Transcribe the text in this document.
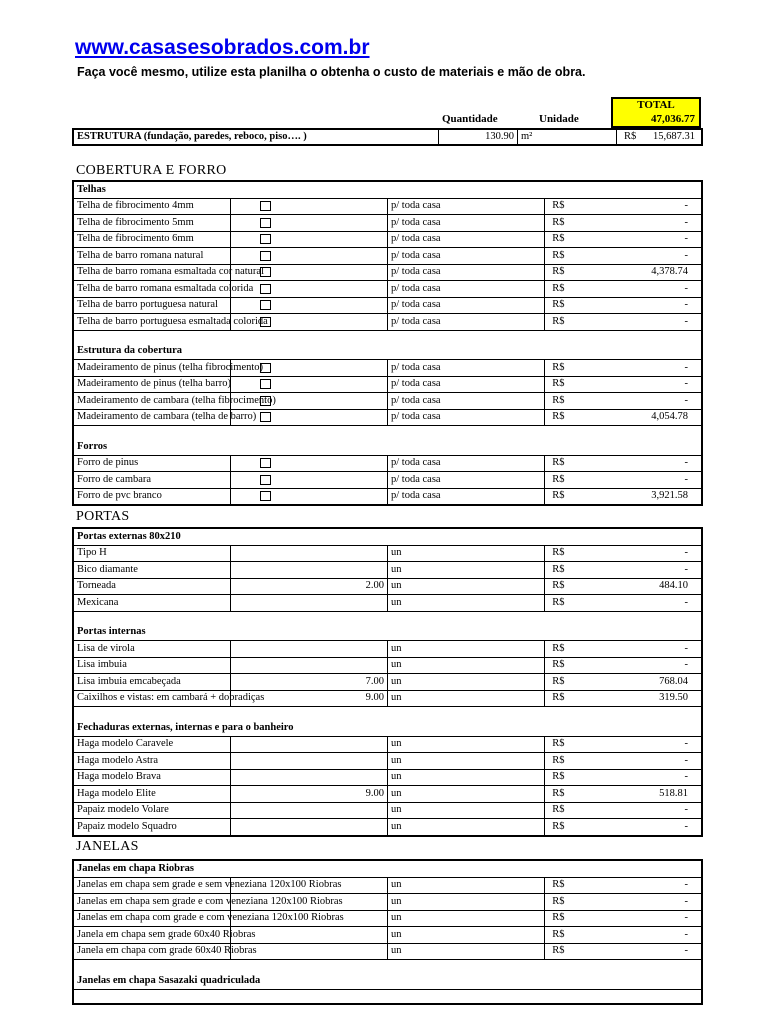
www.casasesobrados.com.br
Faça você mesmo, utilize esta planilha o obtenha o custo de materiais e mão de obra.
TOTAL
47,036.77
Quantidade	Unidade
ESTRUTURA (fundação, paredes, reboco, piso…. )	130.90	m²	R$ 15,687.31
COBERTURA E FORRO
Telhas			
Telha de fibrocimento 4mm		p/ toda casa	R$ -

Telha de fibrocimento 5mm		p/ toda casa	R$ -

Telha de fibrocimento 6mm		p/ toda casa	R$ -

Telha de barro romana natural		p/ toda casa	R$ -

Telha de barro romana esmaltada cor natural		p/ toda casa	R$ 4,378.74

Telha de barro romana esmaltada colorida		p/ toda casa	R$ -

Telha de barro portuguesa natural		p/ toda casa	R$ -

Telha de barro portuguesa esmaltada colorida		p/ toda casa	R$ -

Estrutura da cobertura			
Madeiramento de pinus (telha fibrocimento)		p/ toda casa	R$ -

Madeiramento de pinus (telha barro)		p/ toda casa	R$ -

Madeiramento de cambara (telha fibrocimento)		p/ toda casa	R$ -

Madeiramento de cambara (telha de barro)		p/ toda casa	R$ 4,054.78

Forros			
Forro de pinus		p/ toda casa	R$ -

Forro de cambara		p/ toda casa	R$ -

Forro de pvc branco		p/ toda casa	R$ 3,921.58
PORTAS
Portas externas 80x210			
Tipo H		un	R$ -

Bico diamante		un	R$ -

Torneada	2.00	un	R$ 484.10

Mexicana		un	R$ -

Portas internas			
Lisa de virola		un	R$ -

Lisa imbuia		un	R$ -

Lisa imbuia emcabeçada	7.00	un	R$ 768.04

Caixilhos e vistas: em cambará + dobradiças	9.00	un	R$ 319.50

Fechaduras externas, internas e para o banheiro			
Haga modelo Caravele		un	R$ -

Haga modelo Astra		un	R$ -

Haga modelo Brava		un	R$ -

Haga modelo Elite	9.00	un	R$ 518.81

Papaiz modelo Volare		un	R$ -

Papaiz modelo Squadro		un	R$ -
JANELAS
Janelas em chapa Riobras			
Janelas em chapa sem grade e sem veneziana 120x100 Riobras		un	R$ -

Janelas em chapa sem grade e com veneziana 120x100 Riobras		un	R$ -

Janelas em chapa com grade e com veneziana 120x100 Riobras		un	R$ -

Janela em chapa sem grade 60x40 Riobras		un	R$ -

Janela em chapa com grade 60x40 Riobras		un	R$ -

Janelas em chapa Sasazaki quadriculada			
